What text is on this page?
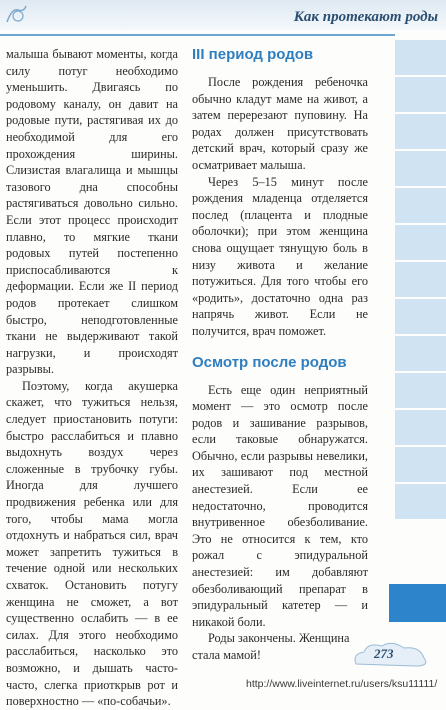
Как протекают роды

малыша бывают моменты, когда силу потуг необходимо уменьшить. Двигаясь по родовому каналу, он давит на родовые пути, растягивая их до необходимой для его прохождения ширины. Слизистая влагалища и мышцы тазового дна способны растягиваться довольно сильно. Если этот процесс происходит плавно, то мягкие ткани родовых путей постепенно приспосабливаются к деформации. Если же II период родов протекает слишком быстро, неподготовленные ткани не выдерживают такой нагрузки, и происходят разрывы.

Поэтому, когда акушерка скажет, что тужиться нельзя, следует приостановить потуги: быстро расслабиться и плавно выдохнуть воздух через сложенные в трубочку губы. Иногда для лучшего продвижения ребенка или для того, чтобы мама могла отдохнуть и набраться сил, врач может запретить тужиться в течение одной или нескольких схваток. Остановить потугу женщина не сможет, а вот существенно ослабить — в ее силах. Для этого необходимо расслабиться, насколько это возможно, и дышать часто-часто, слегка приоткрыв рот и поверхностно — «по-собачьи».

III период родов

После рождения ребеночка обычно кладут маме на живот, а затем перерезают пуповину. На родах должен присутствовать детский врач, который сразу же осматривает малыша.

Через 5–15 минут после рождения младенца отделяется послед (плацента и плодные оболочки); при этом женщина снова ощущает тянущую боль в низу живота и желание потужиться. Для того чтобы его «родить», достаточно одна раз напрячь живот. Если не получится, врач поможет.

Осмотр после родов

Есть еще один неприятный момент — это осмотр после родов и зашивание разрывов, если таковые обнаружатся. Обычно, если разрывы невелики, их зашивают под местной анестезией. Если ее недостаточно, проводится внутривенное обезболивание. Это не относится к тем, кто рожал с эпидуральной анестезией: им добавляют обезболивающий препарат в эпидуральный катетер — и никакой боли.

Роды закончены. Женщина стала мамой!	273

http://www.liveinternet.ru/users/ksu11111/
